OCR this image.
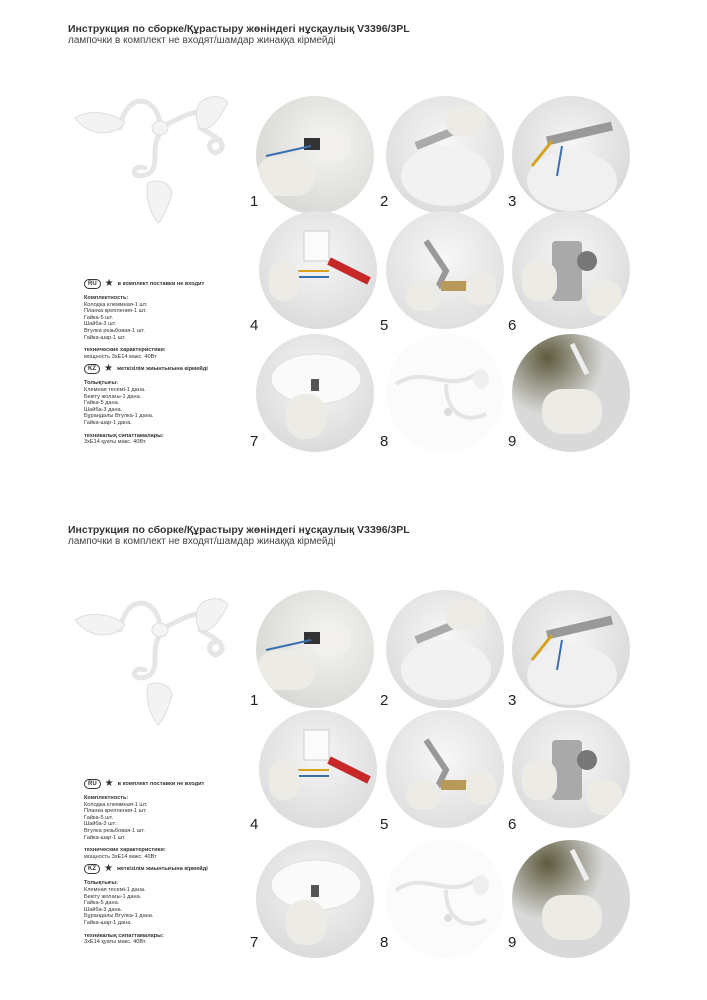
Инструкция по сборке/Құрастыру жөніндегі нұсқаулық V3396/3PL
лампочки в комплект не входят/шамдар жинаққа кірмейді
RU ★ в комплект поставки не входит
Комплектность:
Колодка клеммная-1 шт.
Планка крепления-1 шт.
Гайка-5 шт.
Шайба-3 шт.
Втулка резьбовая-1 шт.
Гайка-шар-1 шт.
технические характеристики:
мощность 3xE14 макс. 40Вт
KZ ★ жеткізілім жиынтығына кірмейді
Толықтығы:
Клемная тесемі-1 дана.
Бекіту жолағы-1 дана.
Гайка-5 дана.
Шайба-3 дана.
Бұрандалы Втулка-1 дана.
Гайка-шар-1 дана.
техникалық сипаттамалары:
3xE14 қуаты макс. 40Вт.
1	2	3
4	5	6
7	8	9
Инструкция по сборке/Құрастыру жөніндегі нұсқаулық V3396/3PL
лампочки в комплект не входят/шамдар жинаққа кірмейді
RU ★ в комплект поставки не входит
Комплектность:
Колодка клеммная-1 шт.
Планка крепления-1 шт.
Гайка-5 шт.
Шайба-3 шт.
Втулка резьбовая-1 шт.
Гайка-шар-1 шт.
технические характеристики:
мощность 3xE14 макс. 40Вт
KZ ★ жеткізілім жиынтығына кірмейді
Толықтығы:
Клемная тесемі-1 дана.
Бекіту жолағы-1 дана.
Гайка-5 дана.
Шайба-3 дана.
Бұрандалы Втулка-1 дана.
Гайка-шар-1 дана.
техникалық сипаттамалары:
3xE14 қуаты макс. 40Вт.
1	2	3
4	5	6
7	8	9
